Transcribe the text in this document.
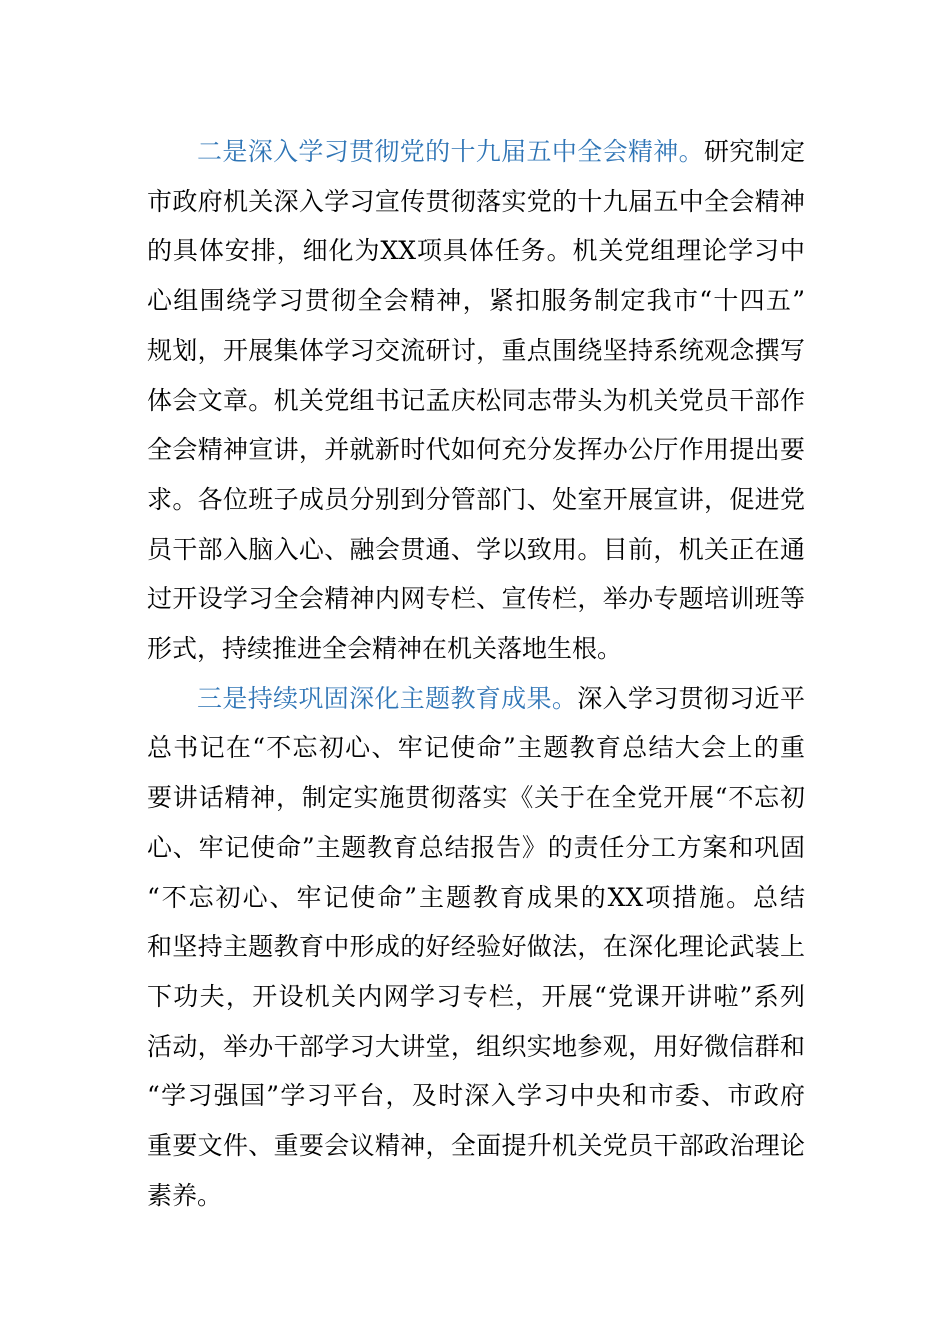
二是深入学习贯彻党的十九届五中全会精神。研究制定
市政府机关深入学习宣传贯彻落实党的十九届五中全会精神
的具体安排，细化为XX项具体任务。机关党组理论学习中
心组围绕学习贯彻全会精神，紧扣服务制定我市“十四五”
规划，开展集体学习交流研讨，重点围绕坚持系统观念撰写
体会文章。机关党组书记孟庆松同志带头为机关党员干部作
全会精神宣讲，并就新时代如何充分发挥办公厅作用提出要
求。各位班子成员分别到分管部门、处室开展宣讲，促进党
员干部入脑入心、融会贯通、学以致用。目前，机关正在通
过开设学习全会精神内网专栏、宣传栏，举办专题培训班等
形式，持续推进全会精神在机关落地生根。
三是持续巩固深化主题教育成果。深入学习贯彻习近平
总书记在“不忘初心、牢记使命”主题教育总结大会上的重
要讲话精神，制定实施贯彻落实《关于在全党开展“不忘初
心、牢记使命”主题教育总结报告》的责任分工方案和巩固
“不忘初心、牢记使命”主题教育成果的XX项措施。总结
和坚持主题教育中形成的好经验好做法，在深化理论武装上
下功夫，开设机关内网学习专栏，开展“党课开讲啦”系列
活动，举办干部学习大讲堂，组织实地参观，用好微信群和
“学习强国”学习平台，及时深入学习中央和市委、市政府
重要文件、重要会议精神，全面提升机关党员干部政治理论
素养。
